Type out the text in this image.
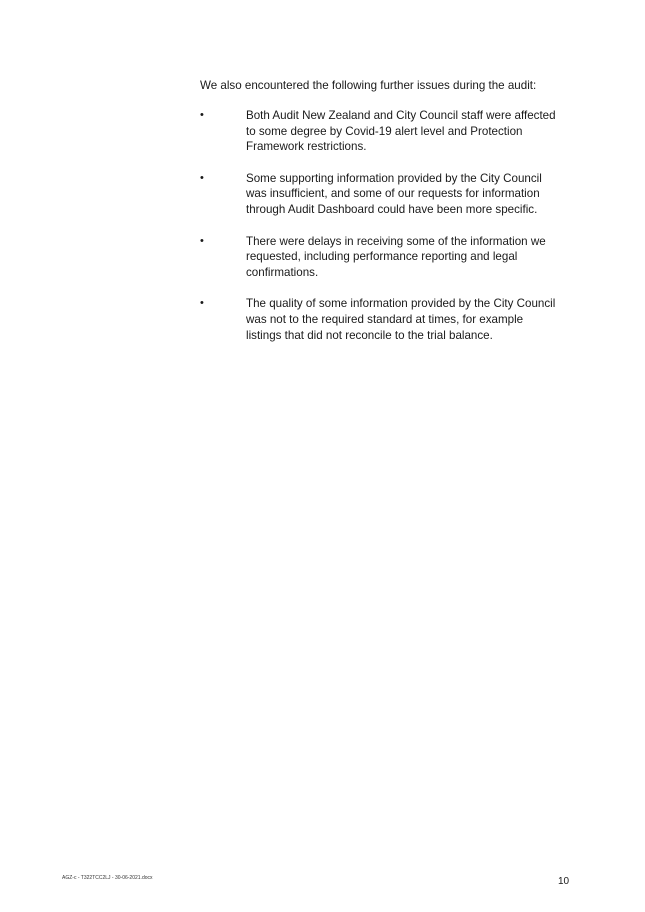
We also encountered the following further issues during the audit:

•	Both Audit New Zealand and City Council staff were affected to some degree by Covid-19 alert level and Protection Framework restrictions.
•	Some supporting information provided by the City Council was insufficient, and some of our requests for information through Audit Dashboard could have been more specific.
•	There were delays in receiving some of the information we requested, including performance reporting and legal confirmations.
•	The quality of some information provided by the City Council was not to the required standard at times, for example listings that did not reconcile to the trial balance.
AGZ-c - T322TCC2LJ - 30-06-2021.docx	10
